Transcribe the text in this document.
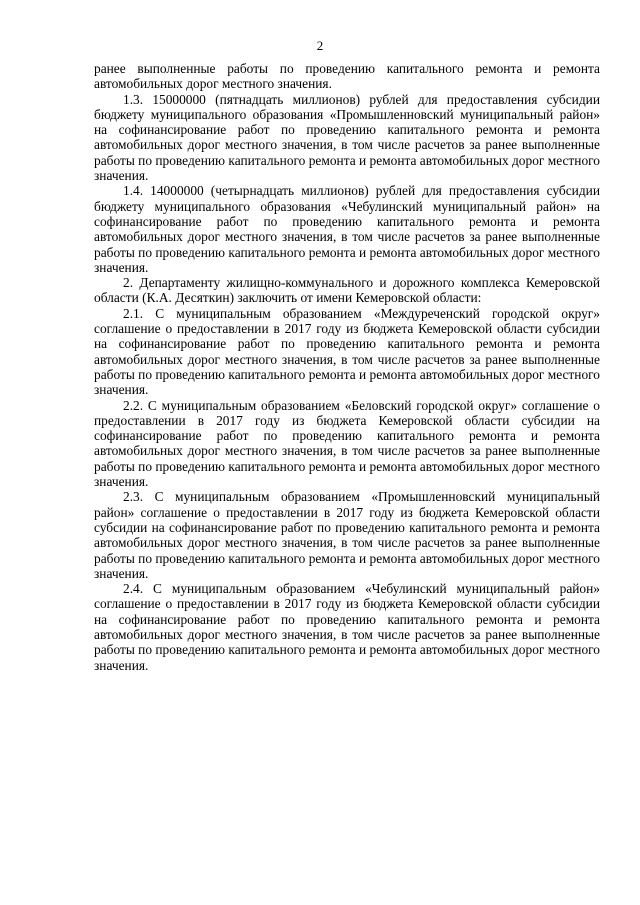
2

ранее выполненные работы по проведению капитального ремонта и ремонта автомобильных дорог местного значения.

1.3. 15000000 (пятнадцать миллионов) рублей для предоставления субсидии бюджету муниципального образования «Промышленновский муниципальный район» на софинансирование работ по проведению капитального ремонта и ремонта автомобильных дорог местного значения, в том числе расчетов за ранее выполненные работы по проведению капитального ремонта и ремонта автомобильных дорог местного значения.

1.4. 14000000 (четырнадцать миллионов) рублей для предоставления субсидии бюджету муниципального образования «Чебулинский муниципальный район» на софинансирование работ по проведению капитального ремонта и ремонта автомобильных дорог местного значения, в том числе расчетов за ранее выполненные работы по проведению капитального ремонта и ремонта автомобильных дорог местного значения.

2. Департаменту жилищно-коммунального и дорожного комплекса Кемеровской области (К.А. Десяткин) заключить от имени Кемеровской области:

2.1. С муниципальным образованием «Междуреченский городской округ» соглашение о предоставлении в 2017 году из бюджета Кемеровской области субсидии на софинансирование работ по проведению капитального ремонта и ремонта автомобильных дорог местного значения, в том числе расчетов за ранее выполненные работы по проведению капитального ремонта и ремонта автомобильных дорог местного значения.

2.2. С муниципальным образованием «Беловский городской округ» соглашение о предоставлении в 2017 году из бюджета Кемеровской области субсидии на софинансирование работ по проведению капитального ремонта и ремонта автомобильных дорог местного значения, в том числе расчетов за ранее выполненные работы по проведению капитального ремонта и ремонта автомобильных дорог местного значения.

2.3. С муниципальным образованием «Промышленновский муниципальный район» соглашение о предоставлении в 2017 году из бюджета Кемеровской области субсидии на софинансирование работ по проведению капитального ремонта и ремонта автомобильных дорог местного значения, в том числе расчетов за ранее выполненные работы по проведению капитального ремонта и ремонта автомобильных дорог местного значения.

2.4. С муниципальным образованием «Чебулинский муниципальный район» соглашение о предоставлении в 2017 году из бюджета Кемеровской области субсидии на софинансирование работ по проведению капитального ремонта и ремонта автомобильных дорог местного значения, в том числе расчетов за ранее выполненные работы по проведению капитального ремонта и ремонта автомобильных дорог местного значения.
